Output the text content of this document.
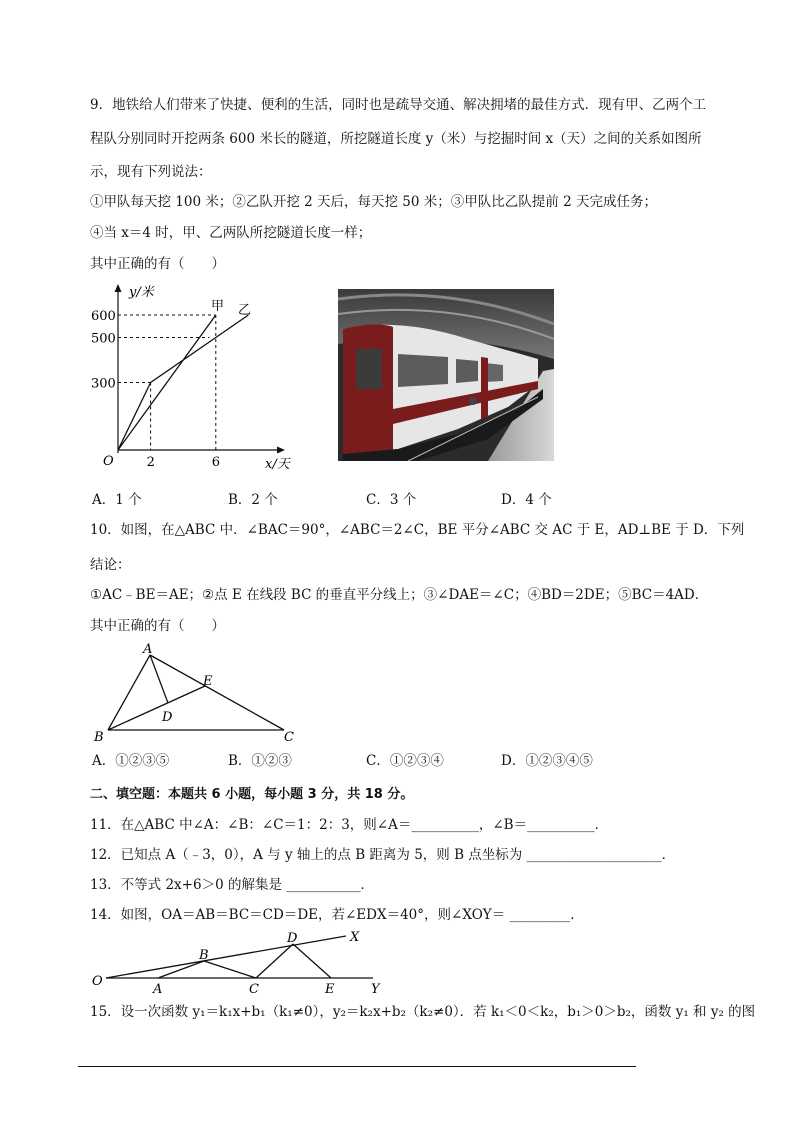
9．地铁给人们带来了快捷、便利的生活，同时也是疏导交通、解决拥堵的最佳方式．现有甲、乙两个工
程队分别同时开挖两条 600 米长的隧道，所挖隧道长度 y（米）与挖掘时间 x（天）之间的关系如图所
示，现有下列说法：
①甲队每天挖 100 米；②乙队开挖 2 天后，每天挖 50 米；③甲队比乙队提前 2 天完成任务；
④当 x＝4 时，甲、乙两队所挖隧道长度一样；
其中正确的有（　　）
2	6
300
500
600
y/米
x/天
O
甲 乙
A．1 个	B．2 个	C．3 个	D．4 个
10．如图，在△ABC 中．∠BAC＝90°，∠ABC＝2∠C，BE 平分∠ABC 交 AC 于 E，AD⊥BE 于 D．下列
结论：
①AC﹣BE＝AE；②点 E 在线段 BC 的垂直平分线上；③∠DAE＝∠C；④BD＝2DE；⑤BC＝4AD．
其中正确的有（　　）
A
B	C
D
E
A．①②③⑤	B．①②③	C．①②③④	D．①②③④⑤
二、填空题：本题共 6 小题，每小题 3 分，共 18 分。
11．在△ABC 中∠A：∠B：∠C＝1：2：3，则∠A＝__________，∠B＝__________．
12．已知点 A（﹣3，0），A 与 y 轴上的点 B 距离为 5，则 B 点坐标为 ____________________．
13．不等式 2x+6＞0 的解集是 ___________．
14．如图，OA＝AB＝BC＝CD＝DE，若∠EDX＝40°，则∠XOY＝ _________．
O
A
B
C
D
E
X
Y
15．设一次函数 y₁＝k₁x+b₁（k₁≠0），y₂＝k₂x+b₂（k₂≠0）．若 k₁＜0＜k₂，b₁＞0＞b₂，函数 y₁ 和 y₂ 的图
